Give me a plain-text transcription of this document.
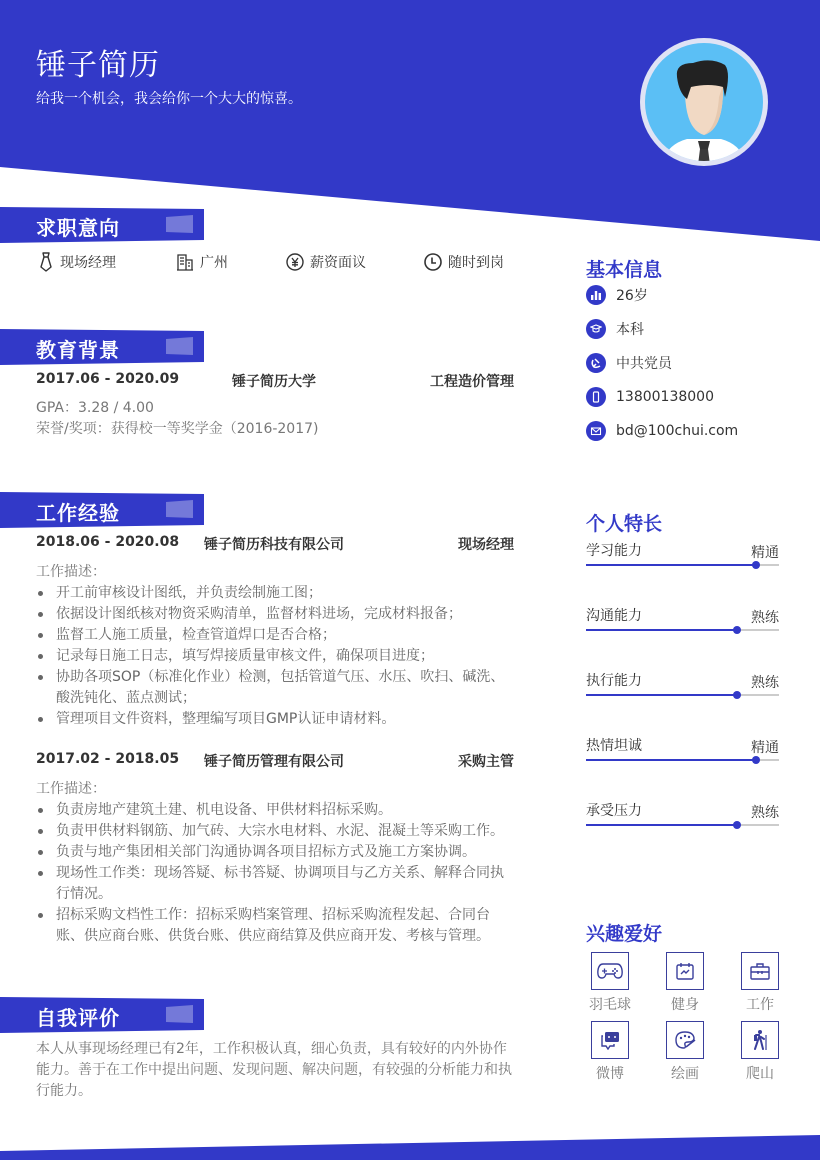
锤子简历
给我一个机会，我会给你一个大大的惊喜。
求职意向
现场经理	广州	薪资面议	随时到岗
教育背景
2017.06 - 2020.09	锤子简历大学	工程造价管理
GPA：3.28 / 4.00
荣誉/奖项：获得校一等奖学金（2016-2017)
工作经验
2018.06 - 2020.08 锤子简历科技有限公司	现场经理
工作描述：
开工前审核设计图纸，并负责绘制施工图；
依据设计图纸核对物资采购清单，监督材料进场，完成材料报备；
监督工人施工质量，检查管道焊口是否合格；
记录每日施工日志，填写焊接质量审核文件，确保项目进度；
协助各项SOP（标准化作业）检测，包括管道气压、水压、吹扫、碱洗、酸洗钝化、蓝点测试；
管理项目文件资料，整理编写项目GMP认证申请材料。
2017.02 - 2018.05 锤子简历管理有限公司	采购主管
工作描述：
负责房地产建筑土建、机电设备、甲供材料招标采购。
负责甲供材料钢筋、加气砖、大宗水电材料、水泥、混凝土等采购工作。
负责与地产集团相关部门沟通协调各项目招标方式及施工方案协调。
现场性工作类：现场答疑、标书答疑、协调项目与乙方关系、解释合同执行情况。
招标采购文档性工作：招标采购档案管理、招标采购流程发起、合同台账、供应商台账、供货台账、供应商结算及供应商开发、考核与管理。
自我评价
本人从事现场经理已有2年，工作积极认真，细心负责，具有较好的内外协作能力。善于在工作中提出问题、发现问题、解决问题，有较强的分析能力和执行能力。
基本信息
26岁
本科
中共党员
13800138000
bd@100chui.com
个人特长
学习能力	精通
沟通能力	熟练
执行能力	熟练
热情坦诚	精通
承受压力	熟练
兴趣爱好
羽毛球	健身	工作
微博	绘画	爬山
